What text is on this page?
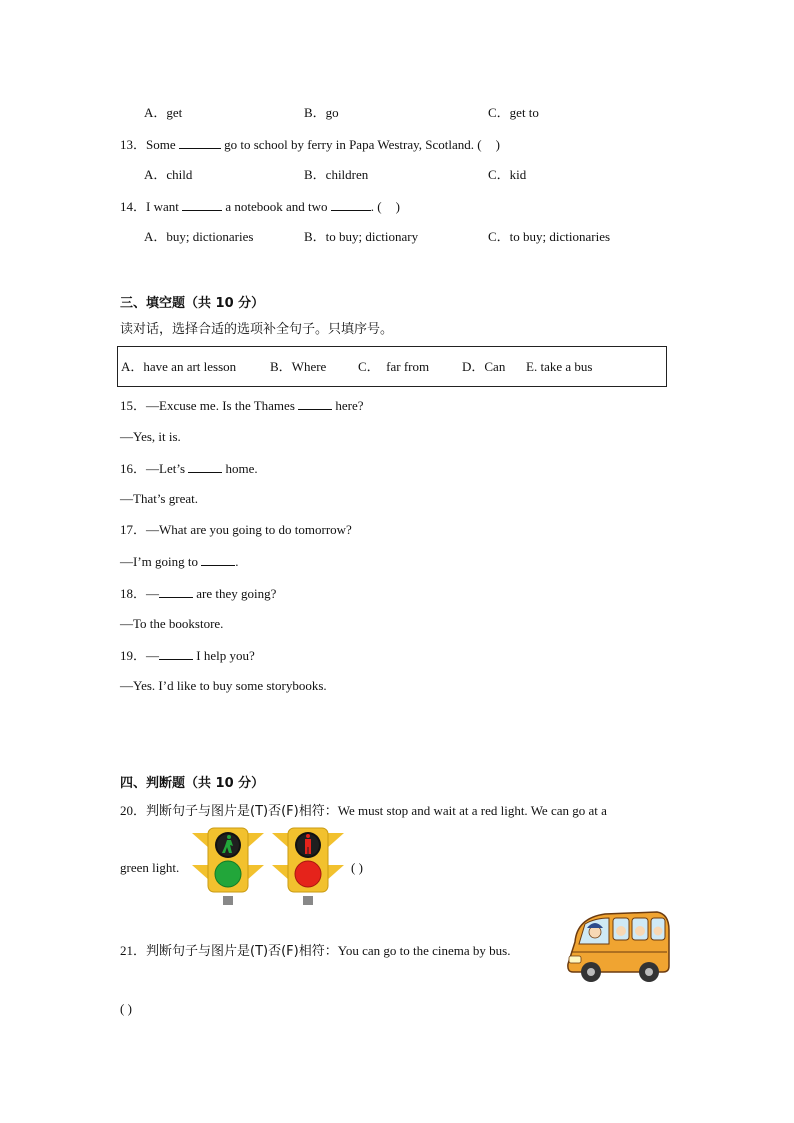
A．get	B．go	C．get to
13．Some	go to school by ferry in Papa Westray, Scotland. ( )
A．child	B．children	C．kid
14．I want	a notebook and two	. ( )
A．buy; dictionaries	B．to buy; dictionary	C．to buy; dictionaries
三、填空题（共 10 分）
读对话，选择合适的选项补全句子。只填序号。
A．have an art lesson	B．Where C． far from	D．Can E. take a bus
15．—Excuse me. Is the Thames	here?
—Yes, it is.
16．—Let’s	home.
—That’s great.
17．—What are you going to do tomorrow?
—I’m going to	.
18．—	are they going?
—To the bookstore.
19．—	I help you?
—Yes. I’d like to buy some storybooks.
四、判断题（共 10 分）
20．判断句子与图片是(T)否(F)相符：We must stop and wait at a red light. We can go at a
green light.	( )
21．判断句子与图片是(T)否(F)相符：You can go to the cinema by bus.
( )
